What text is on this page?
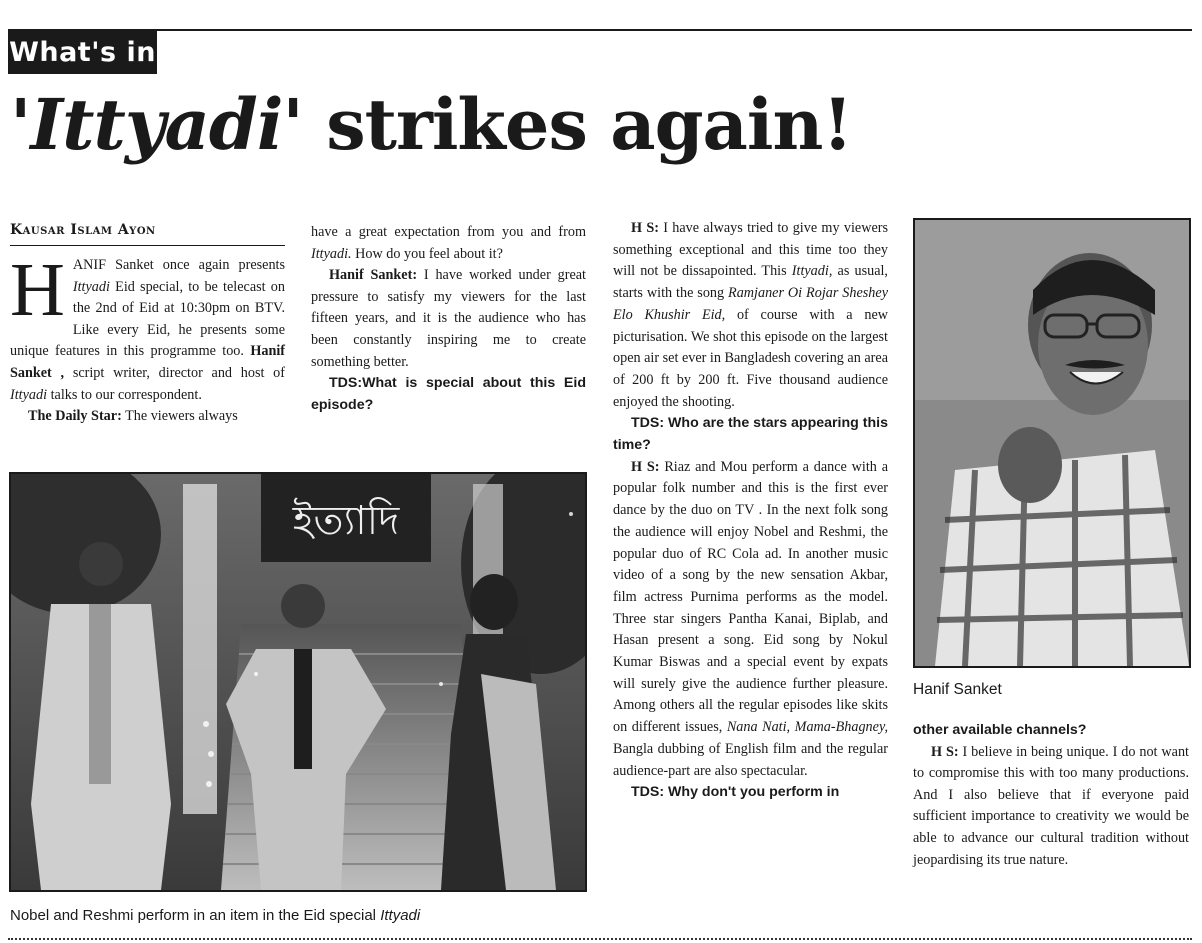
What's in
'Ittyadi' strikes again!
Kausar Islam Ayon

HANIF Sanket once again presents Ittyadi Eid special, to be telecast on the 2nd of Eid at 10:30pm on BTV. Like every Eid, he presents some unique features in this programme too. Hanif Sanket , script writer, director and host of Ittyadi talks to our correspondent.

The Daily Star: The viewers always

have a great expectation from you and from Ittyadi. How do you feel about it?

Hanif Sanket: I have worked under great pressure to satisfy my viewers for the last fifteen years, and it is the audience who has been constantly inspiring me to create something better.

TDS:What is special about this Eid episode?

H S: I have always tried to give my viewers something exceptional and this time too they will not be dissapointed. This Ittyadi, as usual, starts with the song Ramjaner Oi Rojar Sheshey Elo Khushir Eid, of course with a new picturisation. We shot this episode on the largest open air set ever in Bangladesh covering an area of 200 ft by 200 ft. Five thousand audience enjoyed the shooting.

TDS: Who are the stars appearing this time?

H S: Riaz and Mou perform a dance with a popular folk number and this is the first ever dance by the duo on TV . In the next folk song the audience will enjoy Nobel and Reshmi, the popular duo of RC Cola ad. In another music video of a song by the new sensation Akbar, film actress Purnima performs as the model. Three star singers Pantha Kanai, Biplab, and Hasan present a song. Eid song by Nokul Kumar Biswas and a special event by expats will surely give the audience further pleasure. Among others all the regular episodes like skits on different issues, Nana Nati, Mama-Bhagney, Bangla dubbing of English film and the regular audience-part are also spectacular.

TDS: Why don't you perform in

other available channels?

H S: I believe in being unique. I do not want to compromise this with too many productions. And I also believe that if everyone paid sufficient importance to creativity we would be able to advance our cultural tradition without jeopardising its true nature.

ইত্যাদি
Nobel and Reshmi perform in an item in the Eid special Ittyadi
Hanif Sanket
